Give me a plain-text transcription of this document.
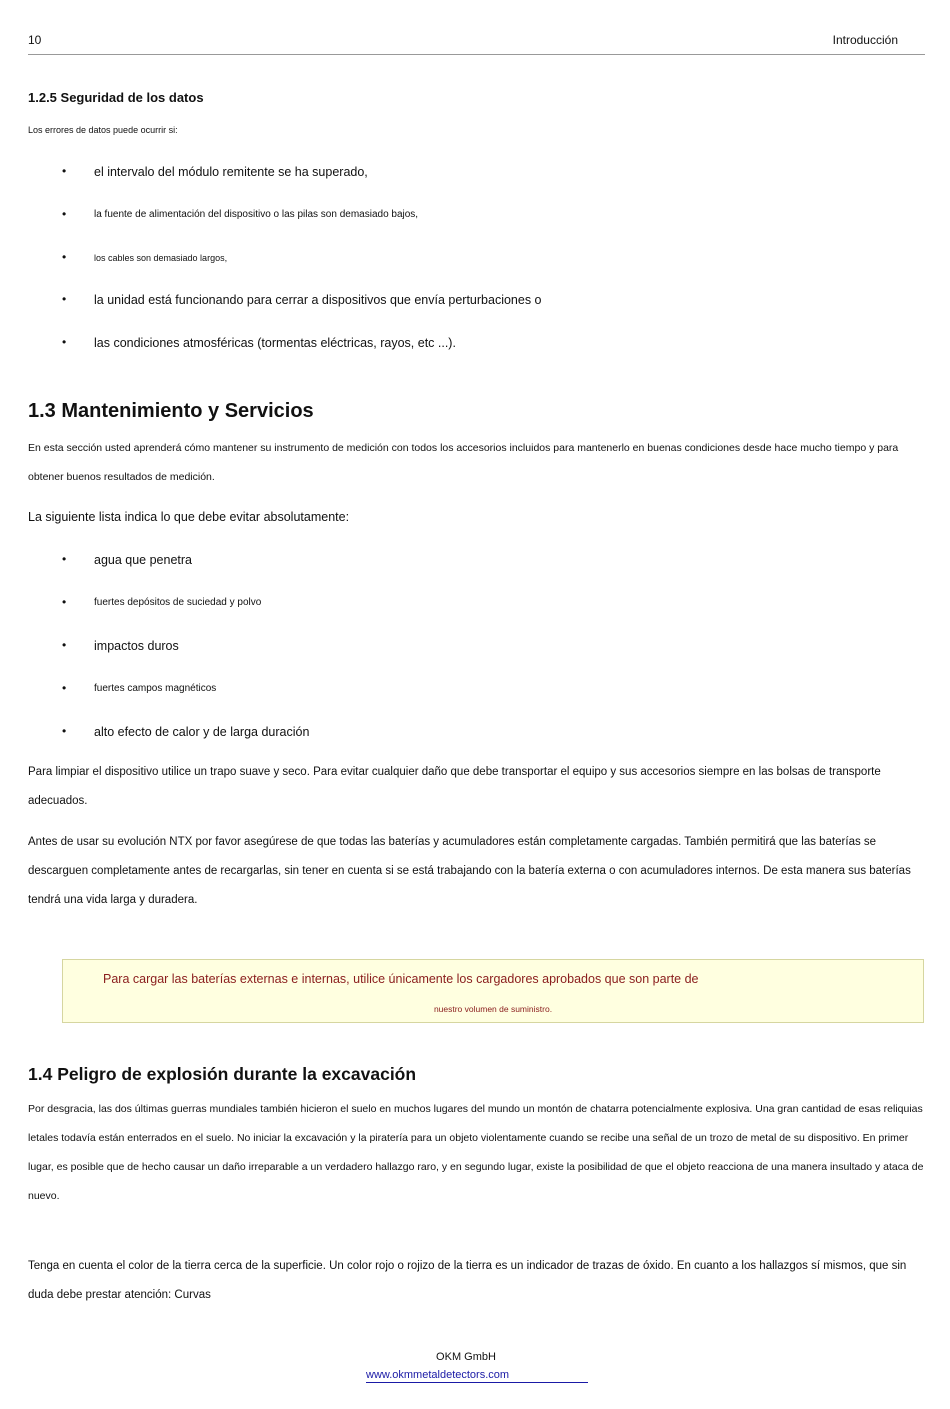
10	Introducción
1.2.5 Seguridad de los datos
Los errores de datos puede ocurrir si:
• el intervalo del módulo remitente se ha superado,
•	la fuente de alimentación del dispositivo o las pilas son demasiado bajos,
•	los cables son demasiado largos,
• la unidad está funcionando para cerrar a dispositivos que envía perturbaciones o
• las condiciones atmosféricas (tormentas eléctricas, rayos, etc ...).
1.3 Mantenimiento y Servicios
En esta sección usted aprenderá cómo mantener su instrumento de medición con todos los accesorios incluidos para mantenerlo en buenas condiciones desde hace mucho tiempo y para obtener buenos resultados de medición.
La siguiente lista indica lo que debe evitar absolutamente:
• agua que penetra
•	fuertes depósitos de suciedad y polvo
• impactos duros
•	fuertes campos magnéticos
• alto efecto de calor y de larga duración
Para limpiar el dispositivo utilice un trapo suave y seco. Para evitar cualquier daño que debe transportar el equipo y sus accesorios siempre en las bolsas de transporte adecuados.
Antes de usar su evolución NTX por favor asegúrese de que todas las baterías y acumuladores están completamente cargadas. También permitirá que las baterías se descarguen completamente antes de recargarlas, sin tener en cuenta si se está trabajando con la batería externa o con acumuladores internos. De esta manera sus baterías tendrá una vida larga y duradera.
Para cargar las baterías externas e internas, utilice únicamente los cargadores aprobados que son parte de
nuestro volumen de suministro.
1.4 Peligro de explosión durante la excavación
Por desgracia, las dos últimas guerras mundiales también hicieron el suelo en muchos lugares del mundo un montón de chatarra potencialmente explosiva. Una gran cantidad de esas reliquias letales todavía están enterrados en el suelo. No iniciar la excavación y la piratería para un objeto violentamente cuando se recibe una señal de un trozo de metal de su dispositivo. En primer lugar, es posible que de hecho causar un daño irreparable a un verdadero hallazgo raro, y en segundo lugar, existe la posibilidad de que el objeto reacciona de una manera insultado y ataca de nuevo.
Tenga en cuenta el color de la tierra cerca de la superficie. Un color rojo o rojizo de la tierra es un indicador de trazas de óxido. En cuanto a los hallazgos sí mismos, que sin duda debe prestar atención: Curvas
OKM GmbH
www.okmmetaldetectors.com
